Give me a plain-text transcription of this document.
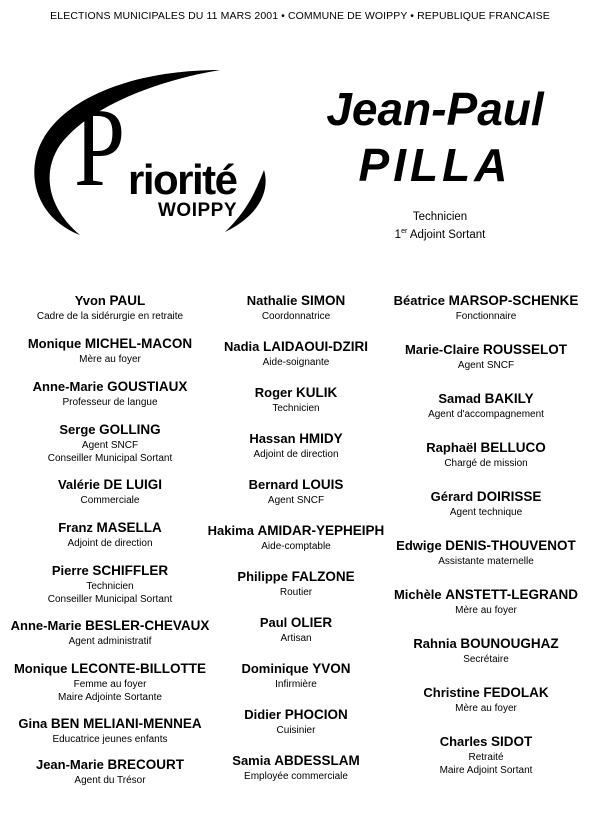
ELECTIONS MUNICIPALES DU 11 MARS 2001 • COMMUNE DE WOIPPY • REPUBLIQUE FRANCAISE
P riorité
WOIPPY
Jean-Paul
PILLA
Technicien
1er Adjoint Sortant
Yvon PAUL
Cadre de la sidérurgie en retraite
Monique MICHEL-MACON
Mère au foyer
Anne-Marie GOUSTIAUX
Professeur de langue
Serge GOLLING
Agent SNCF
Conseiller Municipal Sortant
Valérie DE LUIGI
Commerciale
Franz MASELLA
Adjoint de direction
Pierre SCHIFFLER
Technicien
Conseiller Municipal Sortant
Anne-Marie BESLER-CHEVAUX
Agent administratif
Monique LECONTE-BILLOTTE
Femme au foyer
Maire Adjointe Sortante
Gina BEN MELIANI-MENNEA
Educatrice jeunes enfants
Jean-Marie BRECOURT
Agent du Trésor
Nathalie SIMON
Coordonnatrice
Nadia LAIDAOUI-DZIRI
Aide-soignante
Roger KULIK
Technicien
Hassan HMIDY
Adjoint de direction
Bernard LOUIS
Agent SNCF
Hakima AMIDAR-YEPHEIPH
Aide-comptable
Philippe FALZONE
Routier
Paul OLIER
Artisan
Dominique YVON
Infirmière
Didier PHOCION
Cuisinier
Samia ABDESSLAM
Employée commerciale
Béatrice MARSOP-SCHENKE
Fonctionnaire
Marie-Claire ROUSSELOT
Agent SNCF
Samad BAKILY
Agent d'accompagnement
Raphaël BELLUCO
Chargé de mission
Gérard DOIRISSE
Agent technique
Edwige DENIS-THOUVENOT
Assistante maternelle
Michèle ANSTETT-LEGRAND
Mère au foyer
Rahnia BOUNOUGHAZ
Secrétaire
Christine FEDOLAK
Mère au foyer
Charles SIDOT
Retraité
Maire Adjoint Sortant
